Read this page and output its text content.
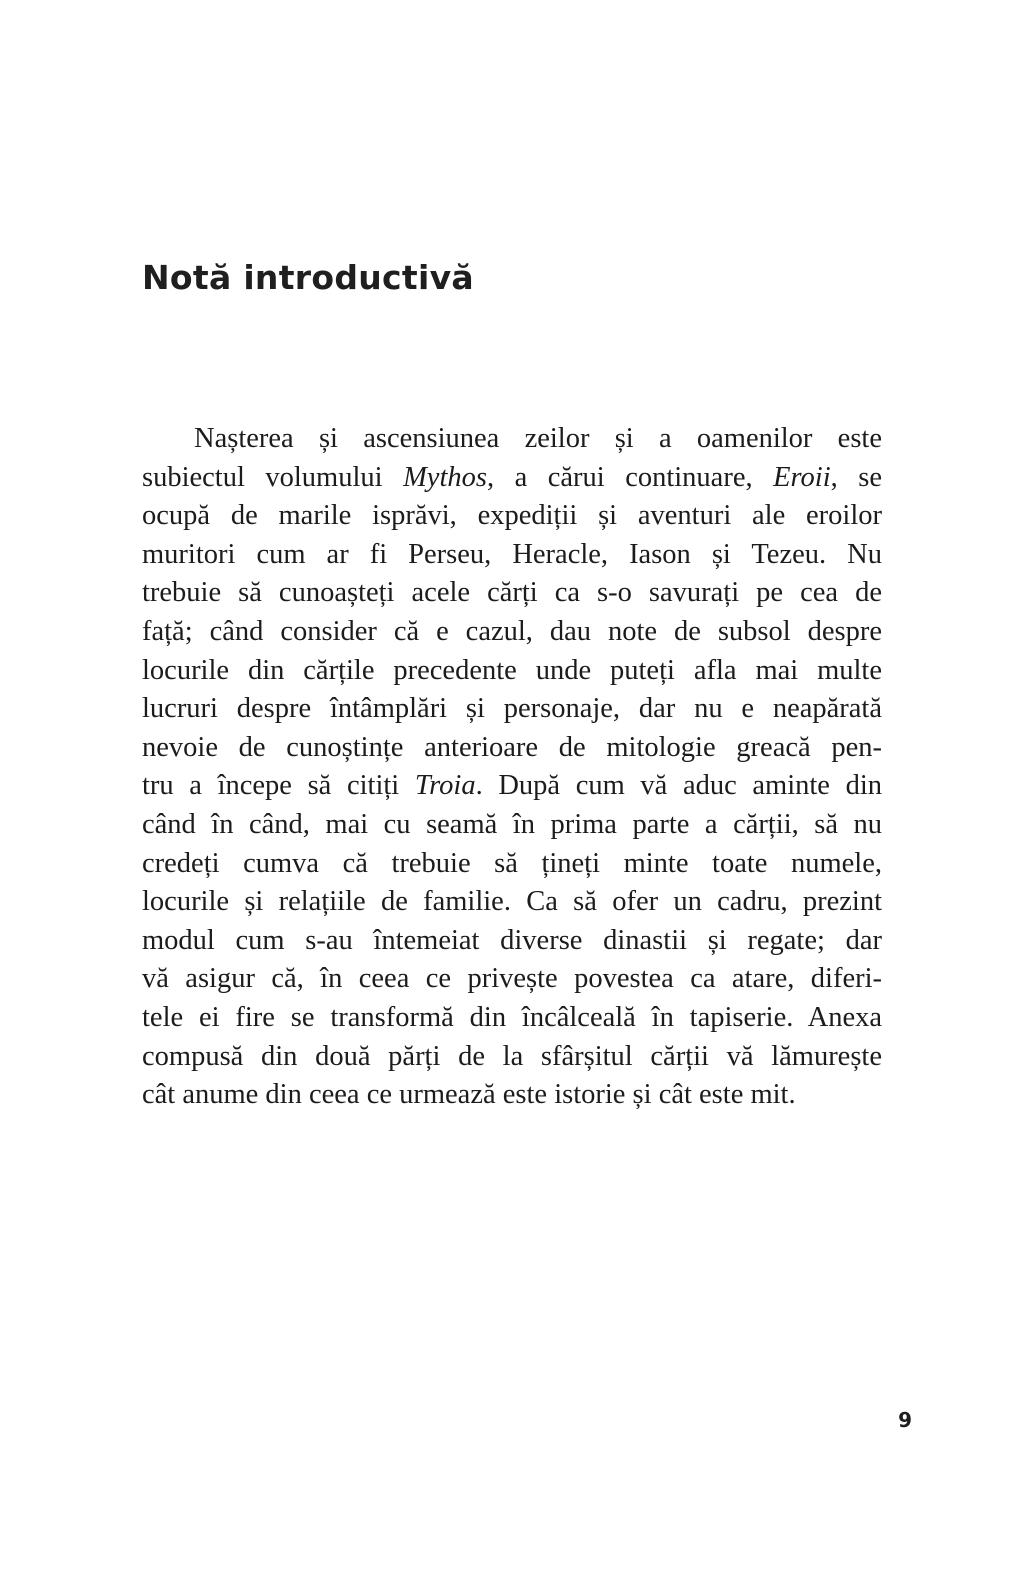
Notă introductivă
Nașterea și ascensiunea zeilor și a oamenilor este
subiectul volumului Mythos, a cărui continuare, Eroii, se
ocupă de marile isprăvi, expediții și aventuri ale eroilor
muritori cum ar fi Perseu, Heracle, Iason și Tezeu. Nu
trebuie să cunoașteți acele cărți ca s-o savurați pe cea de
față; când consider că e cazul, dau note de subsol despre
locurile din cărțile precedente unde puteți afla mai multe
lucruri despre întâmplări și personaje, dar nu e neapărată
nevoie de cunoștințe anterioare de mitologie greacă pen-
tru a începe să citiți Troia. După cum vă aduc aminte din
când în când, mai cu seamă în prima parte a cărții, să nu
credeți cumva că trebuie să țineți minte toate numele,
locurile și relațiile de familie. Ca să ofer un cadru, prezint
modul cum s-au întemeiat diverse dinastii și regate; dar
vă asigur că, în ceea ce privește povestea ca atare, diferi-
tele ei fire se transformă din încâlceală în tapiserie. Anexa
compusă din două părți de la sfârșitul cărții vă lămurește
cât anume din ceea ce urmează este istorie și cât este mit.
9
